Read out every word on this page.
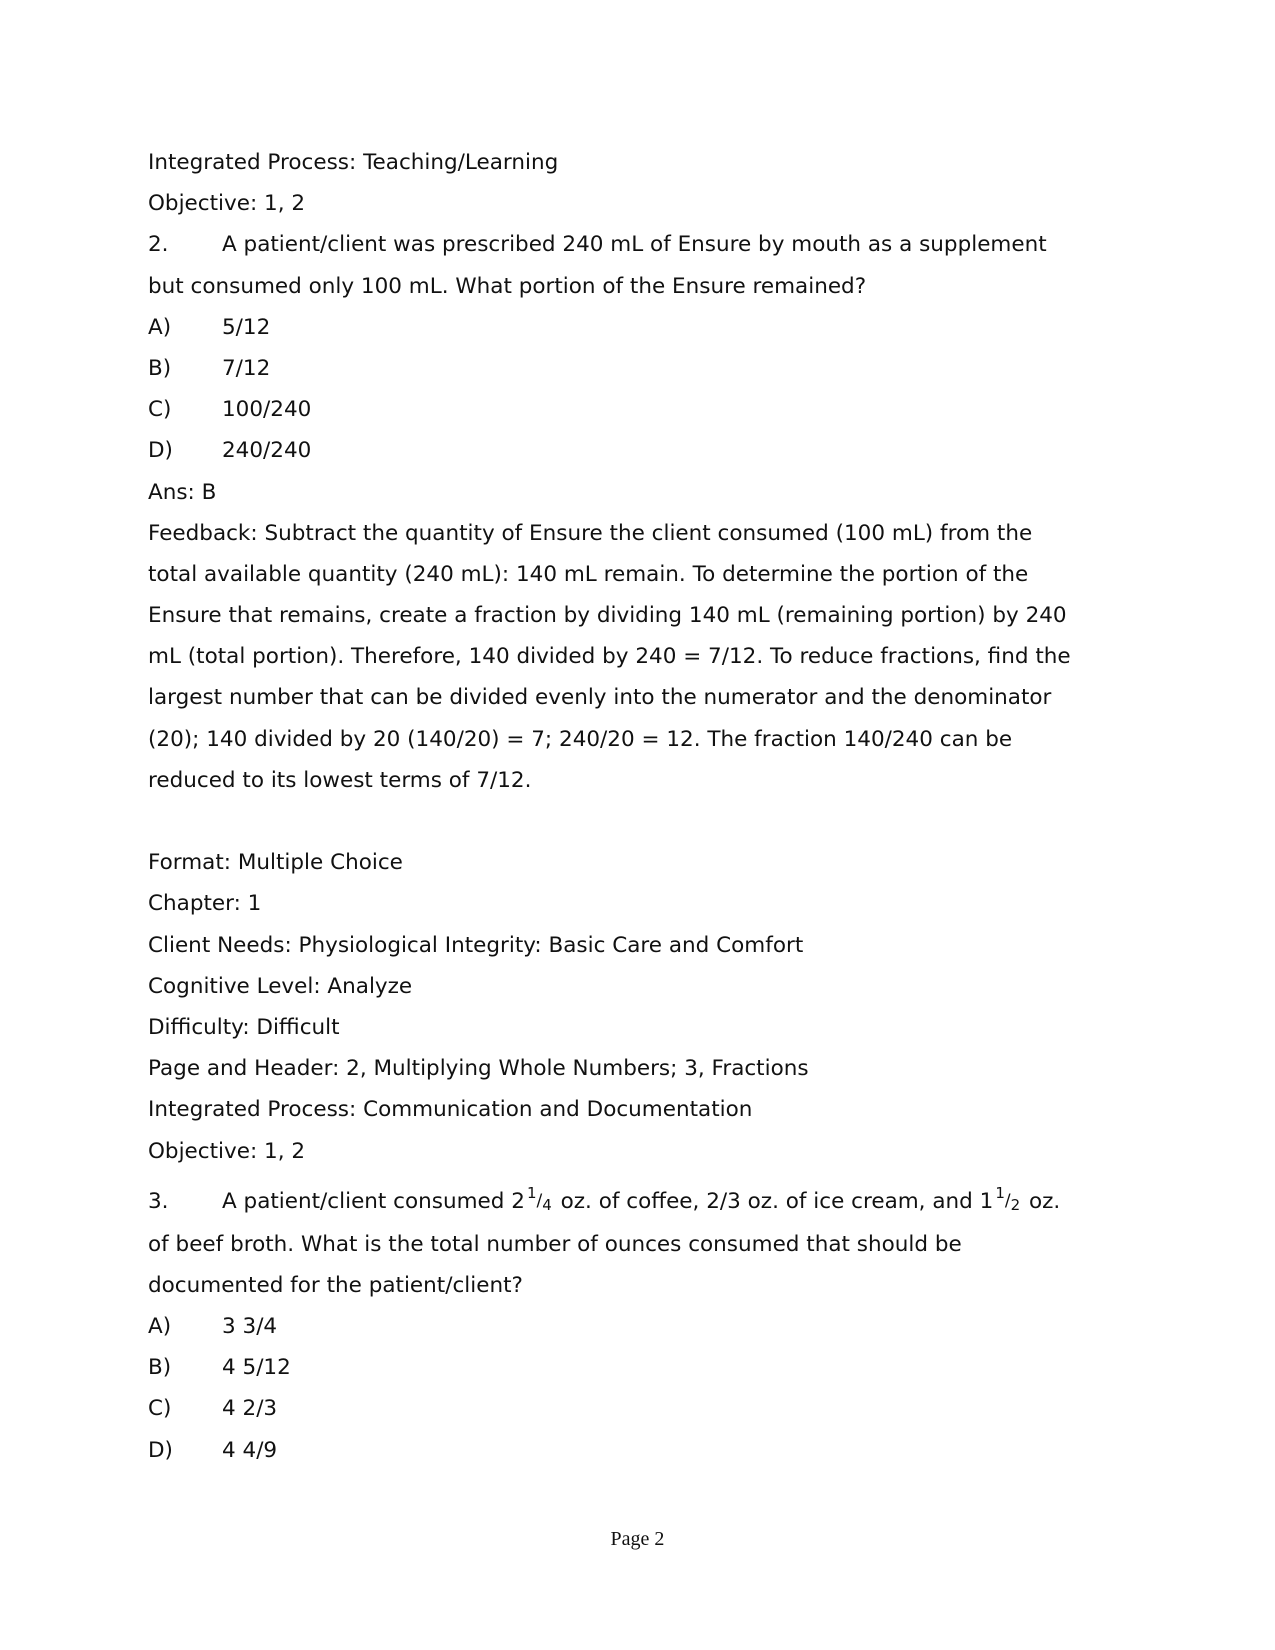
Integrated Process: Teaching/Learning
Objective: 1, 2
2. A patient/client was prescribed 240 mL of Ensure by mouth as a supplement
but consumed only 100 mL. What portion of the Ensure remained?
A) 5/12
B) 7/12
C) 100/240
D) 240/240
Ans: B
Feedback: Subtract the quantity of Ensure the client consumed (100 mL) from the
total available quantity (240 mL): 140 mL remain. To determine the portion of the
Ensure that remains, create a fraction by dividing 140 mL (remaining portion) by 240
mL (total portion). Therefore, 140 divided by 240 = 7/12. To reduce fractions, find the
largest number that can be divided evenly into the numerator and the denominator
(20); 140 divided by 20 (140/20) = 7; 240/20 = 12. The fraction 140/240 can be
reduced to its lowest terms of 7/12.
Format: Multiple Choice
Chapter: 1
Client Needs: Physiological Integrity: Basic Care and Comfort
Cognitive Level: Analyze
Difficulty: Difficult
Page and Header: 2, Multiplying Whole Numbers; 3, Fractions
Integrated Process: Communication and Documentation
Objective: 1, 2
3. A patient/client consumed 2 1/4 oz. of coffee, 2/3 oz. of ice cream, and 1 1/2 oz.
of beef broth. What is the total number of ounces consumed that should be
documented for the patient/client?
A) 3 3/4
B) 4 5/12
C) 4 2/3
D) 4 4/9
Page 2
